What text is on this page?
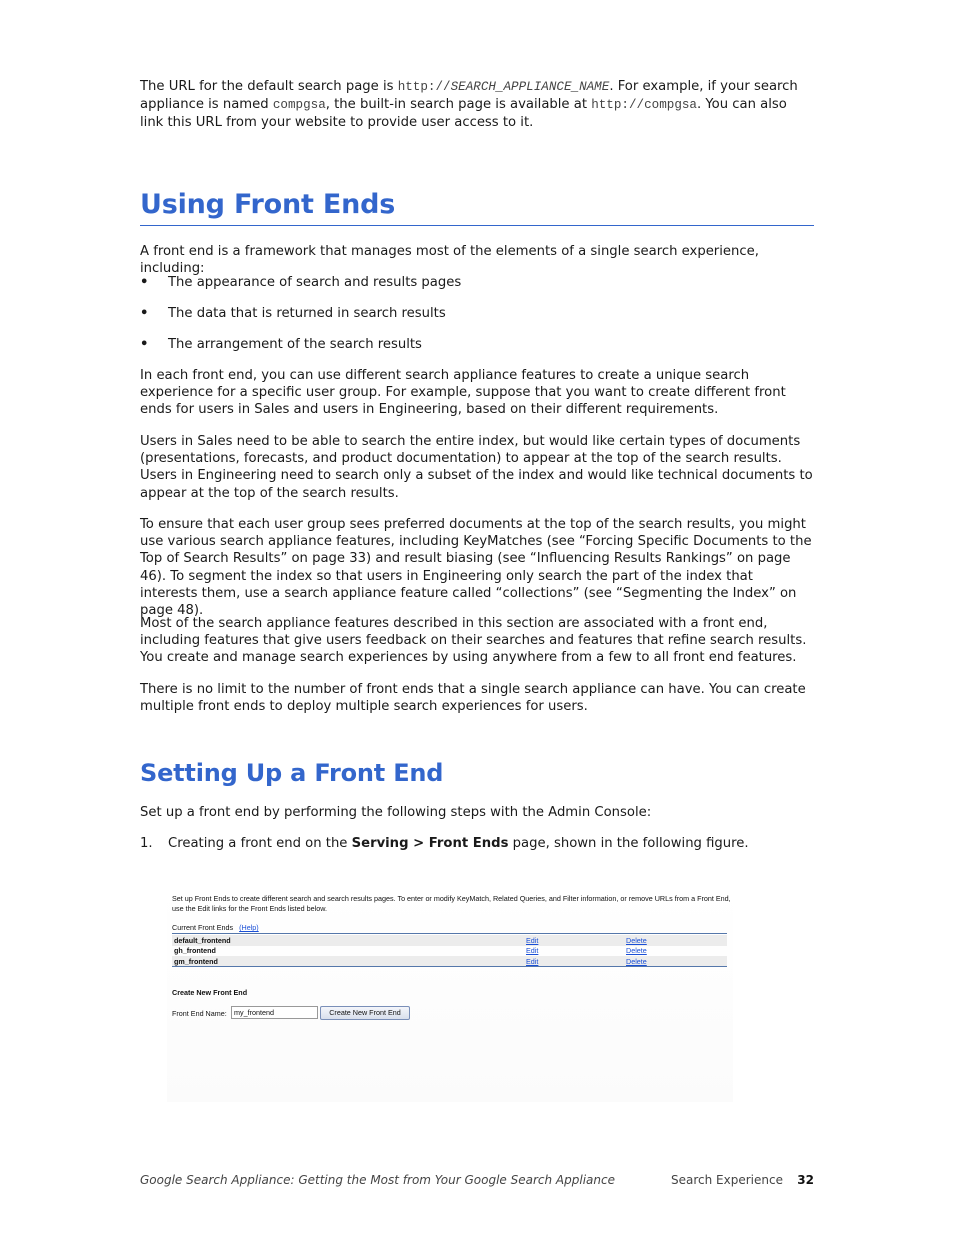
The URL for the default search page is http://SEARCH_APPLIANCE_NAME. For example, if your search appliance is named compgsa, the built-in search page is available at http://compgsa. You can also link this URL from your website to provide user access to it.

Using Front Ends

A front end is a framework that manages most of the elements of a single search experience, including:

• The appearance of search and results pages
• The data that is returned in search results
• The arrangement of the search results

In each front end, you can use different search appliance features to create a unique search experience for a specific user group. For example, suppose that you want to create different front ends for users in Sales and users in Engineering, based on their different requirements.

Users in Sales need to be able to search the entire index, but would like certain types of documents (presentations, forecasts, and product documentation) to appear at the top of the search results. Users in Engineering need to search only a subset of the index and would like technical documents to appear at the top of the search results.

To ensure that each user group sees preferred documents at the top of the search results, you might use various search appliance features, including KeyMatches (see “Forcing Specific Documents to the Top of Search Results” on page 33) and result biasing (see “Influencing Results Rankings” on page 46). To segment the index so that users in Engineering only search the part of the index that interests them, use a search appliance feature called “collections” (see “Segmenting the Index” on page 48).

Most of the search appliance features described in this section are associated with a front end, including features that give users feedback on their searches and features that refine search results. You create and manage search experiences by using anywhere from a few to all front end features.

There is no limit to the number of front ends that a single search appliance can have. You can create multiple front ends to deploy multiple search experiences for users.

Setting Up a Front End

Set up a front end by performing the following steps with the Admin Console:

1. Creating a front end on the Serving > Front Ends page, shown in the following figure.
Set up Front Ends to create different search and search results pages. To enter or modify KeyMatch, Related Queries, and Filter information, or remove URLs from a Front End, use the Edit links for the Front Ends listed below.
Current Front Ends (Help)
default_frontend	Edit	Delete
gh_frontend	Edit	Delete
gm_frontend	Edit	Delete
Create New Front End
Front End Name:	my_frontend	Create New Front End
Google Search Appliance: Getting the Most from Your Google Search Appliance	Search Experience 32
